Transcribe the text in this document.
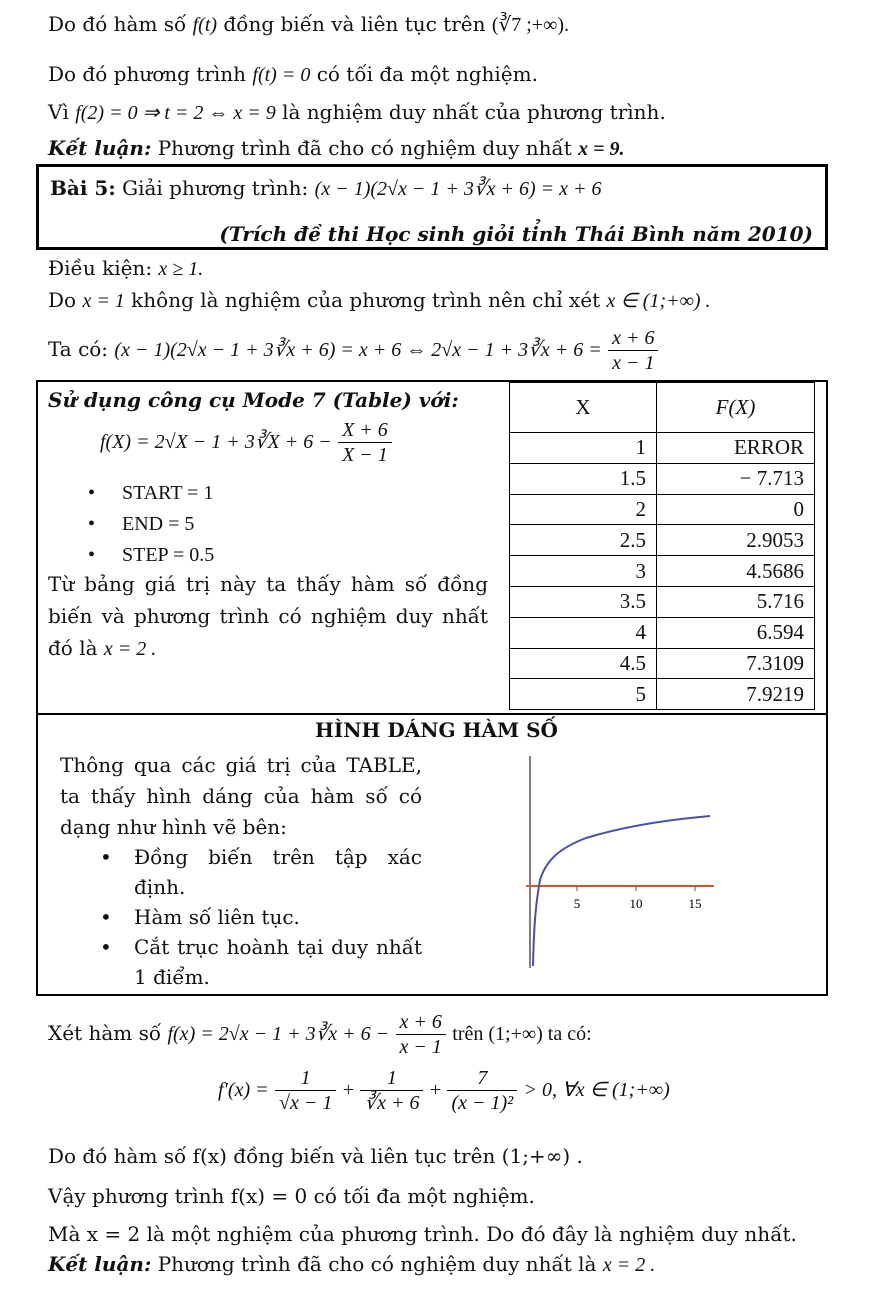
Do đó hàm số f(t) đồng biến và liên tục trên (∛7 ;+∞).
Do đó phương trình f(t) = 0 có tối đa một nghiệm.
Vì f(2) = 0 ⇒ t = 2 ⇔ x = 9 là nghiệm duy nhất của phương trình.
Kết luận: Phương trình đã cho có nghiệm duy nhất x = 9.
Bài 5: Giải phương trình: (x − 1)(2√x − 1 + 3∛x + 6) = x + 6
(Trích đề thi Học sinh giỏi tỉnh Thái Bình năm 2010)
Điều kiện: x ≥ 1.
Do x = 1 không là nghiệm của phương trình nên chỉ xét x ∈ (1;+∞) .
Ta có: (x − 1)(2√x − 1 + 3∛x + 6) = x + 6 ⇔ 2√x − 1 + 3∛x + $6 = \frac{x + 6}{x - 1}$
Sử dụng công cụ Mode 7 (Table) với:
f(X) = 2√X − 1 + 3∛X + $6 - \frac{X + 6}{X - 1}$
• START = 1
• END = 5
• STEP = 0.5
Từ bảng giá trị này ta thấy hàm số đồng biến và phương trình có nghiệm duy nhất đó là x = 2 .
X	F(X)
1	ERROR
1.5	− 7.713
2	0
2.5	2.9053
3	4.5686
3.5	5.716
4	6.594
4.5	7.3109
5	7.9219
HÌNH DÁNG HÀM SỐ
Thông qua các giá trị của TABLE, ta thấy hình dáng của hàm số có dạng như hình vẽ bên:
• Đồng biến trên tập xác định.
• Hàm số liên tục.
• Cắt trục hoành tại duy nhất 1 điểm.
5	10	15
Xét hàm số f(x) = 2√x − 1 + 3∛x + $6 - \frac{x + 6}{x - 1}$ trên (1;+∞) ta có:
$f'(x) = \frac{1}{√x - 1} + \frac{1}{∛x + 6} + \frac{7}{\text{(x − 1)²}} > 0$, ∀x ∈ (1;+∞)
Do đó hàm số f(x) đồng biến và liên tục trên (1;+∞) .
Vậy phương trình f(x) = 0 có tối đa một nghiệm.
Mà x = 2 là một nghiệm của phương trình. Do đó đây là nghiệm duy nhất.
Kết luận: Phương trình đã cho có nghiệm duy nhất là x = 2 .
